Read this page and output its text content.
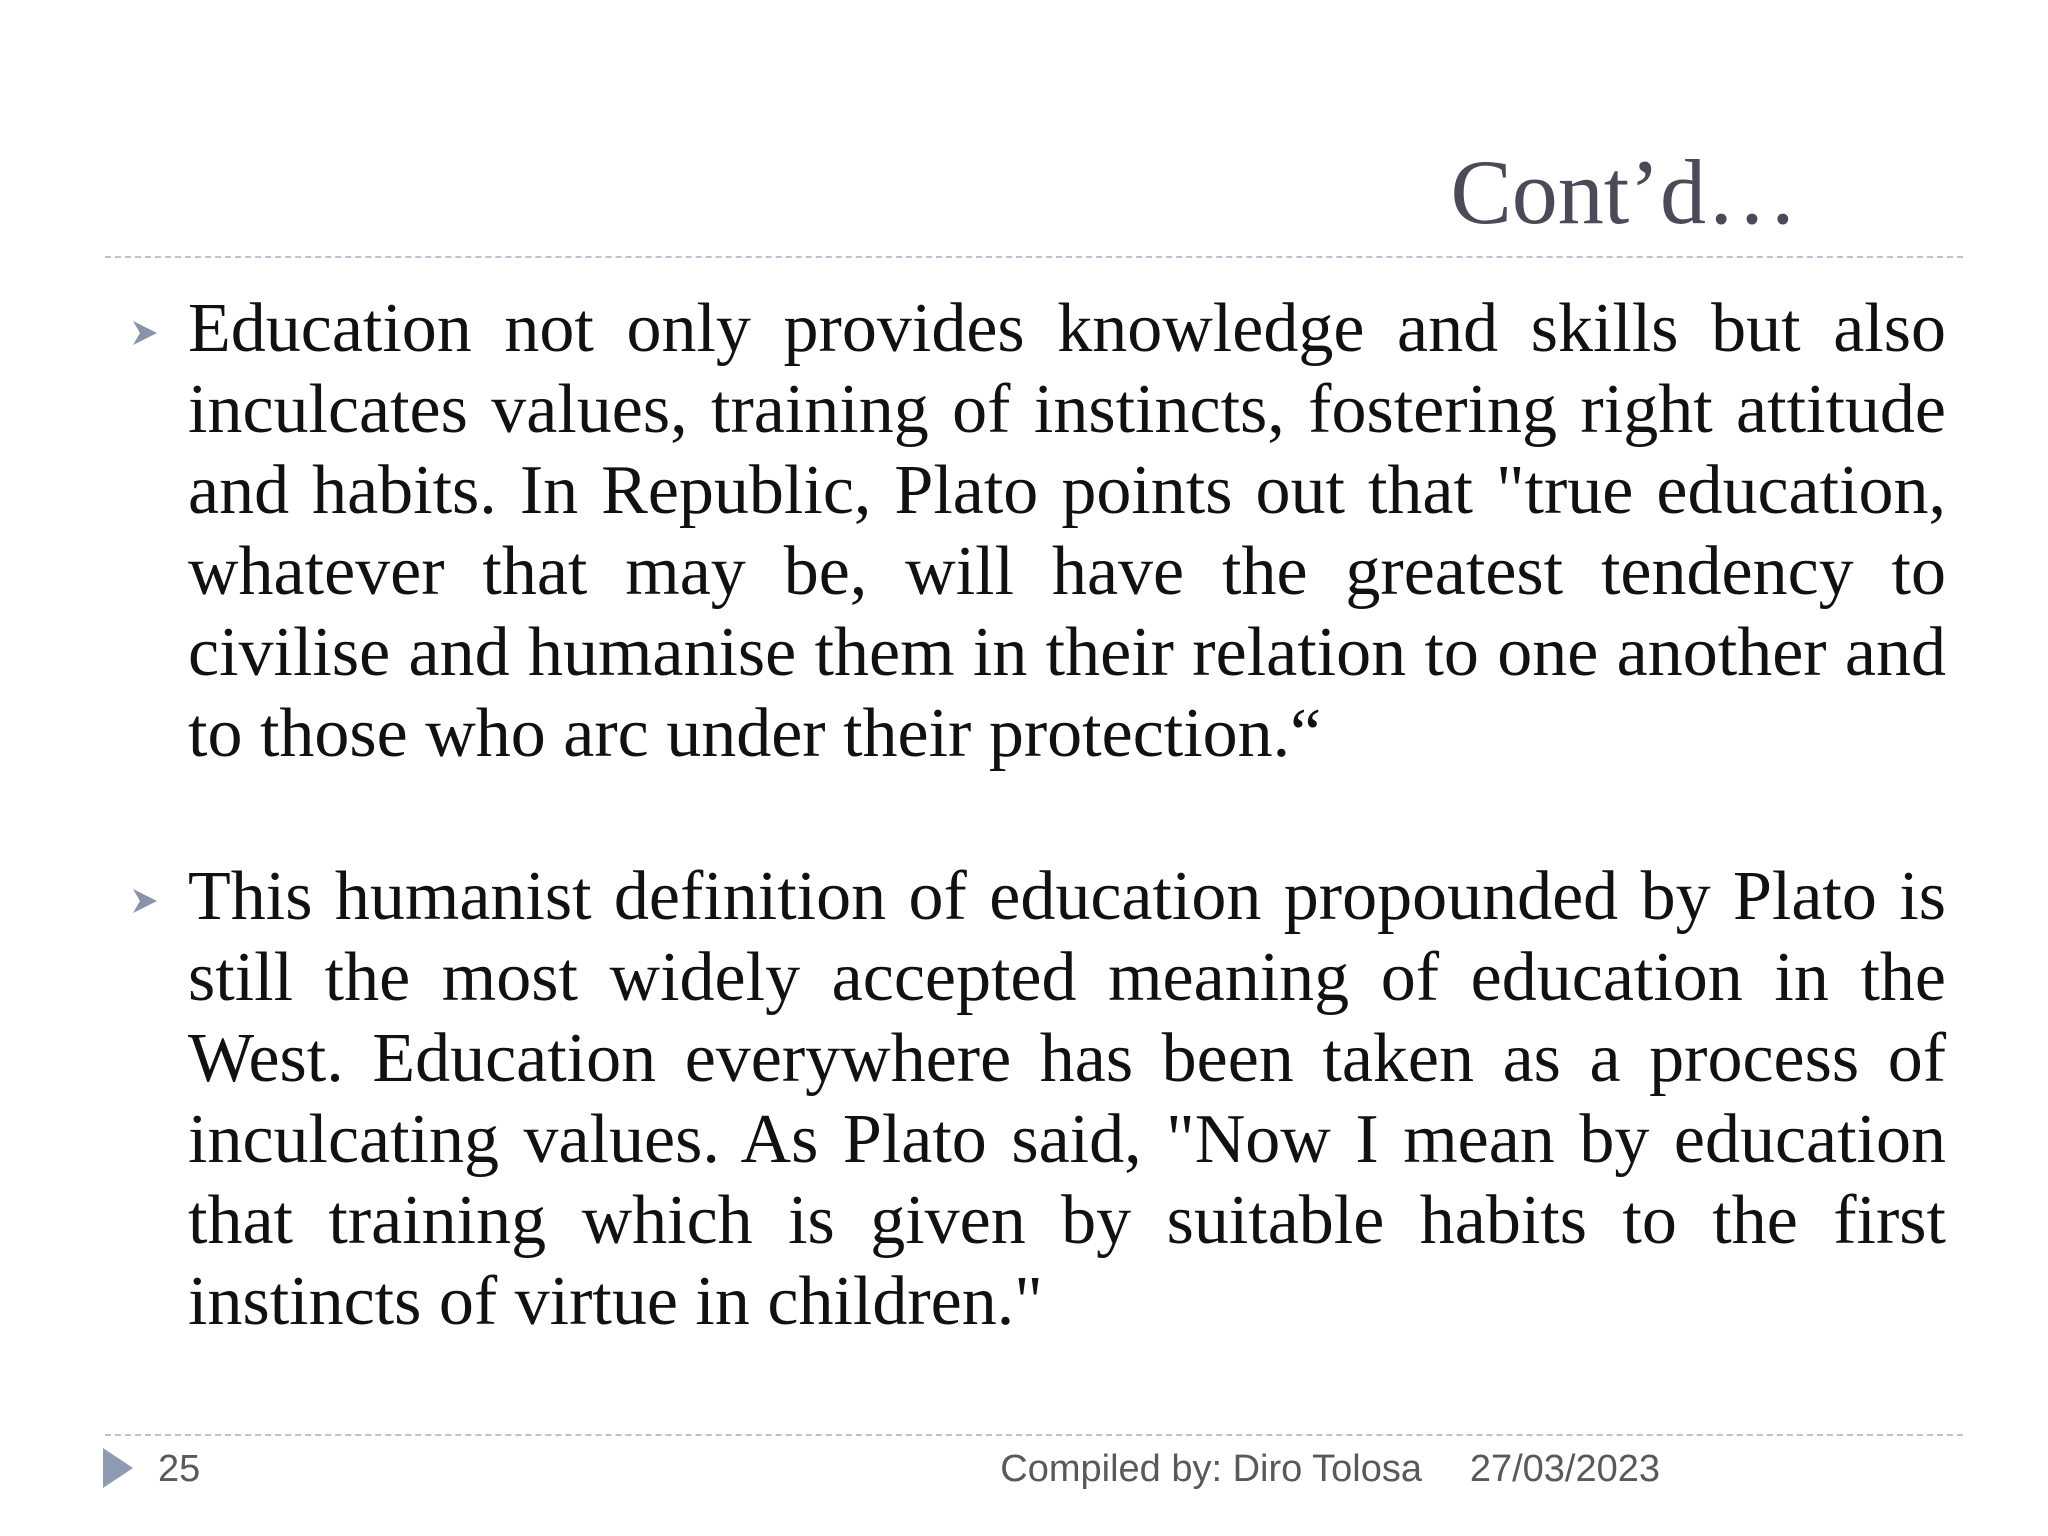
Cont’d…

Education not only provides knowledge and skills but also inculcates values, training of instincts, fostering right attitude and habits. In Republic, Plato points out that "true education, whatever that may be, will have the greatest tendency to civilise and humanise them in their relation to one another and to those who arc under their protection.“

This humanist definition of education propounded by Plato is still the most widely accepted meaning of education in the West. Education everywhere has been taken as a process of inculcating values. As Plato said, "Now I mean by education that training which is given by suitable habits to the first instincts of virtue in children."

25	Compiled by: Diro Tolosa 27/03/2023
